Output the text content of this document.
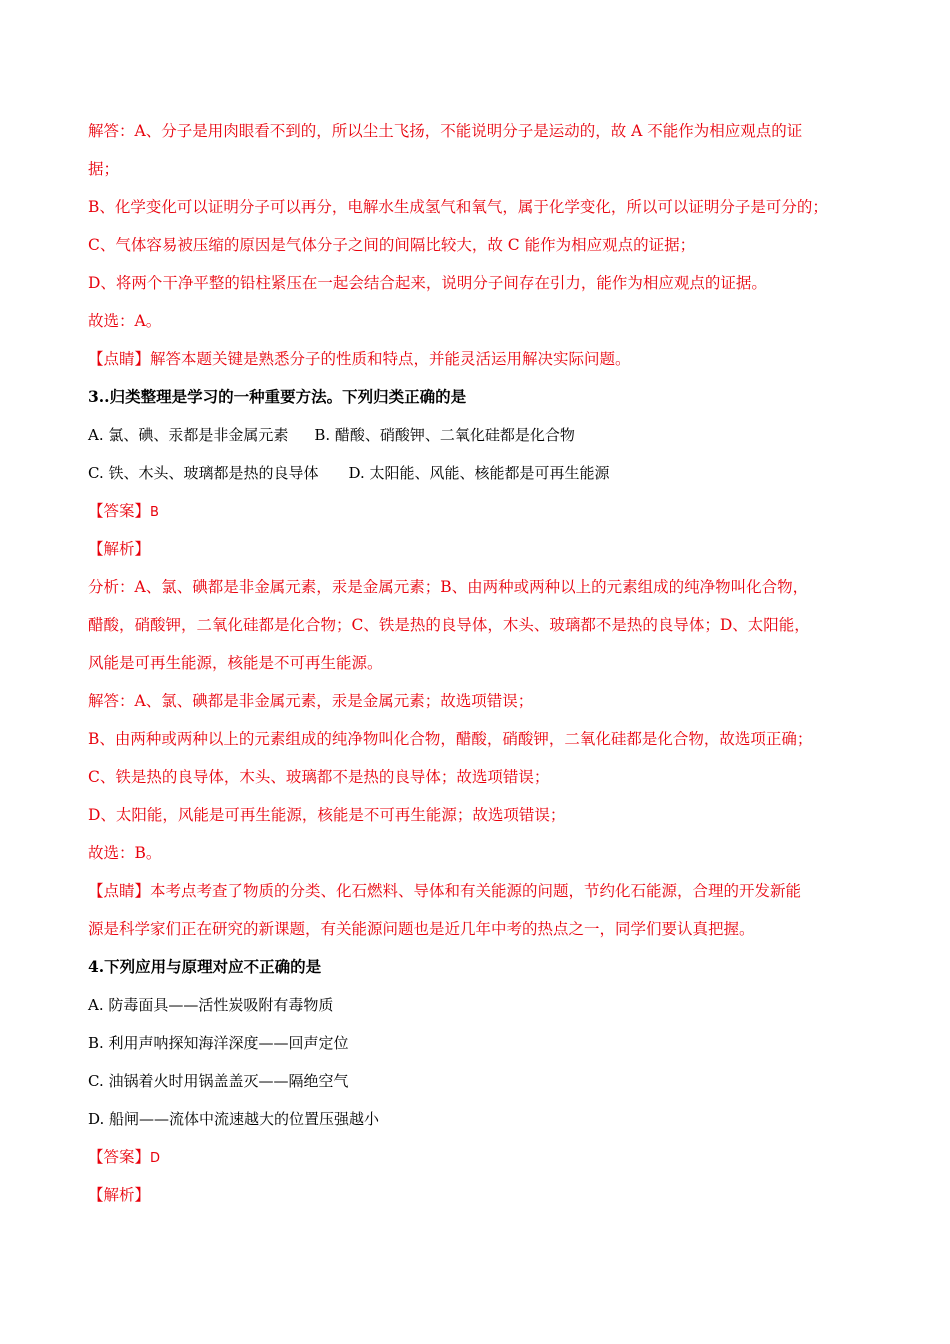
解答：A、分子是用肉眼看不到的，所以尘土飞扬，不能说明分子是运动的，故 A 不能作为相应观点的证
据；
B、化学变化可以证明分子可以再分，电解水生成氢气和氧气，属于化学变化，所以可以证明分子是可分的；
C、气体容易被压缩的原因是气体分子之间的间隔比较大，故 C 能作为相应观点的证据；
D、将两个干净平整的铅柱紧压在一起会结合起来，说明分子间存在引力，能作为相应观点的证据。
故选：A。
【点睛】解答本题关键是熟悉分子的性质和特点，并能灵活运用解决实际问题。
3..归类整理是学习的一种重要方法。下列归类正确的是
A. 氯、碘、汞都是非金属元素 B. 醋酸、硝酸钾、二氧化硅都是化合物
C. 铁、木头、玻璃都是热的良导体 D. 太阳能、风能、核能都是可再生能源
【答案】B
【解析】
分析：A、氯、碘都是非金属元素，汞是金属元素；B、由两种或两种以上的元素组成的纯净物叫化合物，
醋酸，硝酸钾，二氧化硅都是化合物；C、铁是热的良导体，木头、玻璃都不是热的良导体；D、太阳能，
风能是可再生能源，核能是不可再生能源。
解答：A、氯、碘都是非金属元素，汞是金属元素；故选项错误；
B、由两种或两种以上的元素组成的纯净物叫化合物，醋酸，硝酸钾，二氧化硅都是化合物，故选项正确；
C、铁是热的良导体，木头、玻璃都不是热的良导体；故选项错误；
D、太阳能，风能是可再生能源，核能是不可再生能源；故选项错误；
故选：B。
【点睛】本考点考查了物质的分类、化石燃料、导体和有关能源的问题，节约化石能源，合理的开发新能
源是科学家们正在研究的新课题，有关能源问题也是近几年中考的热点之一，同学们要认真把握。
4.下列应用与原理对应不正确的是
A. 防毒面具——活性炭吸附有毒物质
B. 利用声呐探知海洋深度——回声定位
C. 油锅着火时用锅盖盖灭——隔绝空气
D. 船闸——流体中流速越大的位置压强越小
【答案】D
【解析】
